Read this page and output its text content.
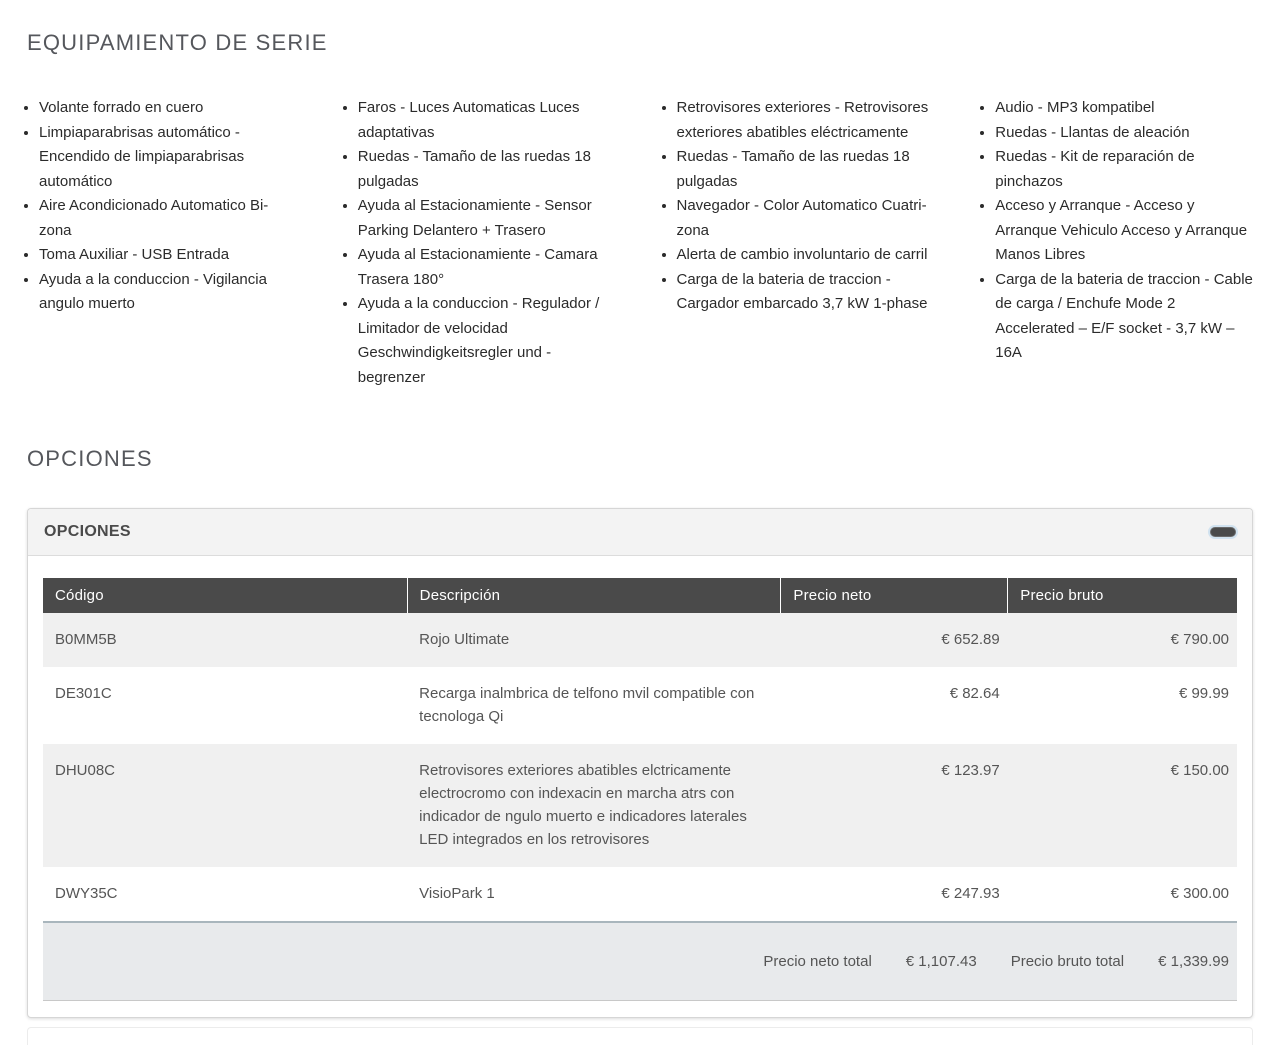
EQUIPAMIENTO DE SERIE
• Volante forrado en cuero
• Limpiaparabrisas automático - Encendido de limpiaparabrisas automático
• Aire Acondicionado Automatico Bi-zona
• Toma Auxiliar - USB Entrada
• Ayuda a la conduccion - Vigilancia angulo muerto
• Faros - Luces Automaticas Luces adaptativas
• Ruedas - Tamaño de las ruedas 18 pulgadas
• Ayuda al Estacionamiente - Sensor Parking Delantero + Trasero
• Ayuda al Estacionamiente - Camara Trasera 180°
• Ayuda a la conduccion - Regulador / Limitador de velocidad Geschwindigkeitsregler und - begrenzer
• Retrovisores exteriores - Retrovisores exteriores abatibles eléctricamente
• Ruedas - Tamaño de las ruedas 18 pulgadas
• Navegador - Color Automatico Cuatri-zona
• Alerta de cambio involuntario de carril
• Carga de la bateria de traccion - Cargador embarcado 3,7 kW 1-phase
• Audio - MP3 kompatibel
• Ruedas - Llantas de aleación
• Ruedas - Kit de reparación de pinchazos
• Acceso y Arranque - Acceso y Arranque Vehiculo Acceso y Arranque Manos Libres
• Carga de la bateria de traccion - Cable de carga / Enchufe Mode 2 Accelerated – E/F socket - 3,7 kW – 16A
OPCIONES
OPCIONES
Código	Descripción	Precio neto	Precio bruto
B0MM5B	Rojo Ultimate	€ 652.89	€ 790.00
DE301C	Recarga inalmbrica de telfono mvil compatible con tecnologa Qi	€ 82.64	€ 99.99
DHU08C	Retrovisores exteriores abatibles elctricamente electrocromo con indexacin en marcha atrs con indicador de ngulo muerto e indicadores laterales LED integrados en los retrovisores	€ 123.97	€ 150.00
DWY35C	VisioPark 1	€ 247.93	€ 300.00

Precio neto total € 1,107.43 Precio bruto total € 1,339.99			
